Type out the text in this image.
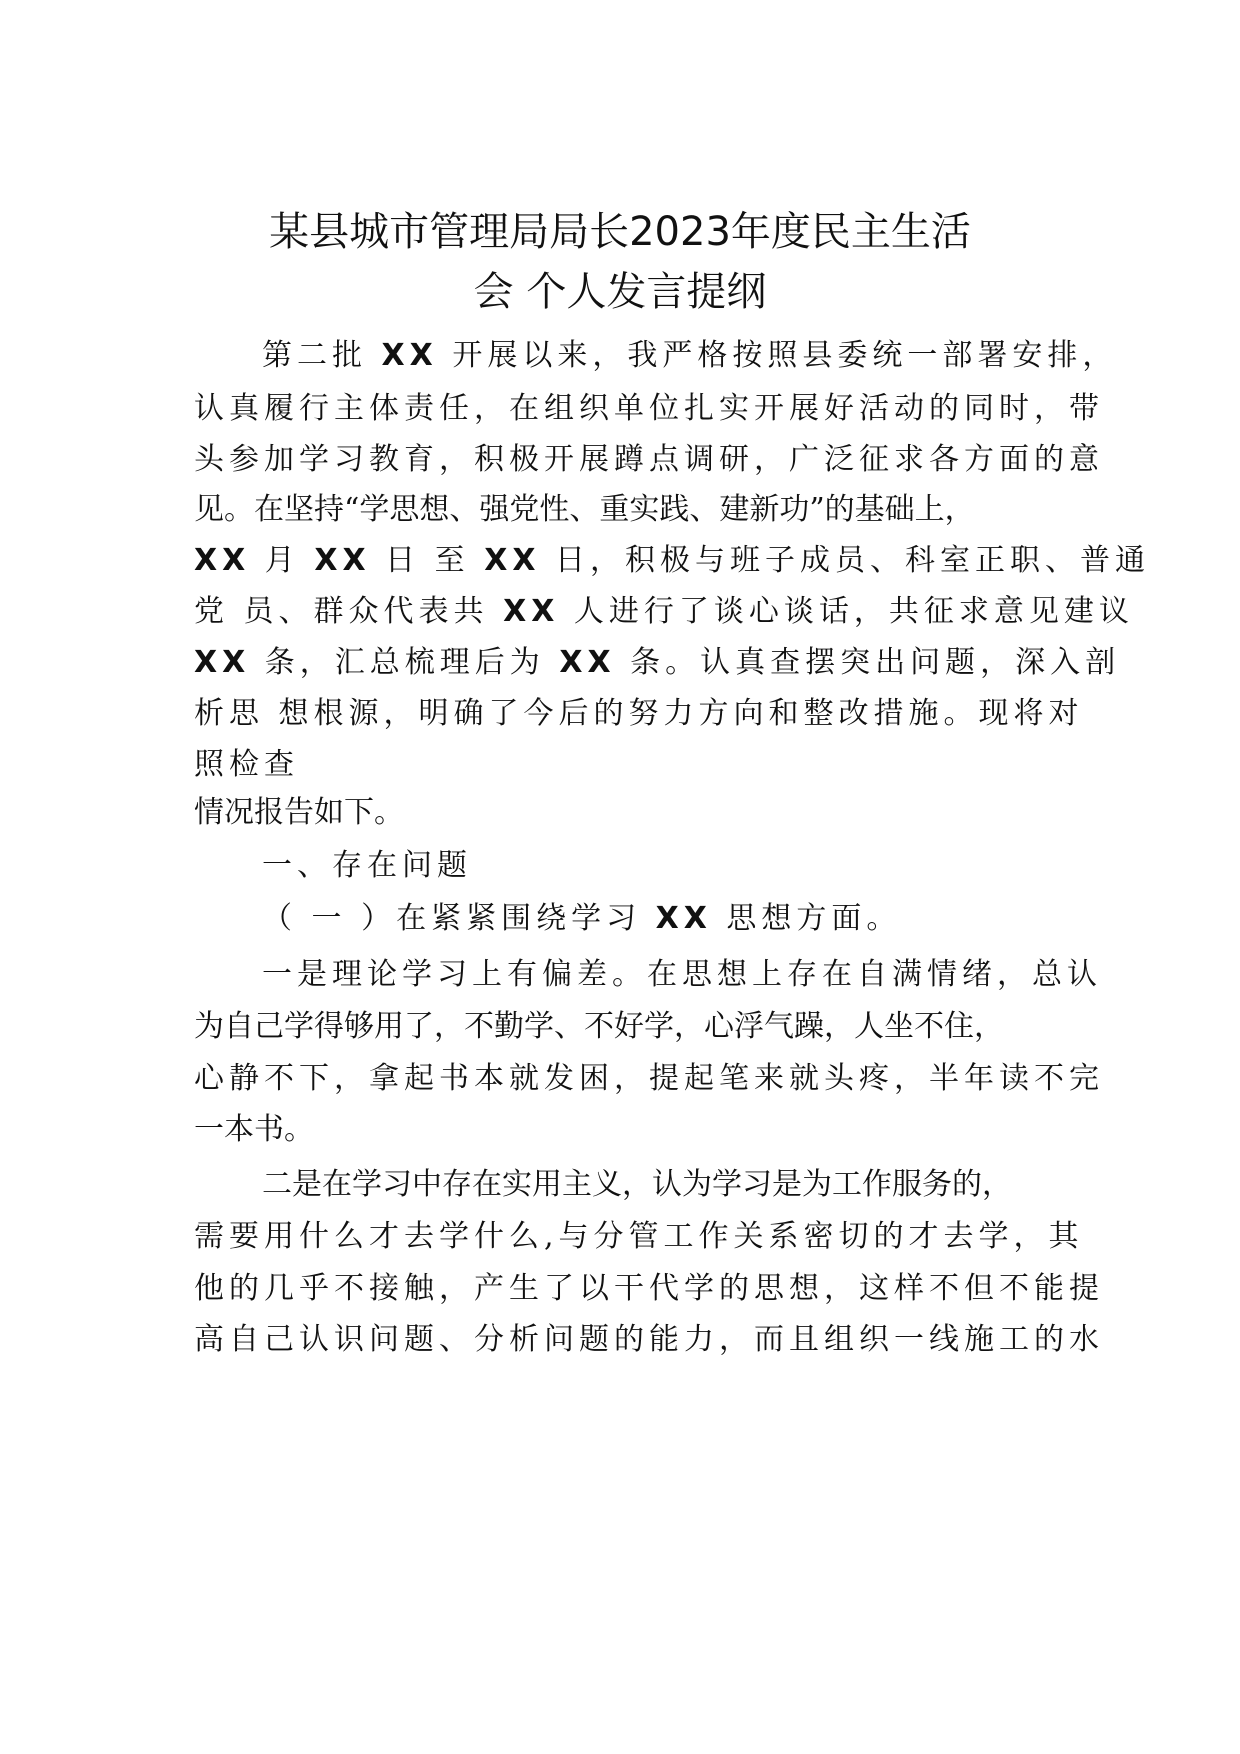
某县城市管理局局长2023年度民主生活
会 个人发言提纲
第二批 XX 开展以来，我严格按照县委统一部署安排，
认真履行主体责任，在组织单位扎实开展好活动的同时，带
头参加学习教育，积极开展蹲点调研，广泛征求各方面的意
见。在坚持“学思想、强党性、重实践、建新功”的基础上，
XX 月 XX 日 至 XX 日，积极与班子成员、科室正职、普通
党 员、群众代表共 XX 人进行了谈心谈话，共征求意见建议
XX 条，汇总梳理后为 XX 条。认真查摆突出问题，深入剖
析思 想根源，明确了今后的努力方向和整改措施。现将对
照检查
情况报告如下。
一、存在问题
（ 一 ）在紧紧围绕学习 XX 思想方面。
一是理论学习上有偏差。在思想上存在自满情绪，总认
为自己学得够用了，不勤学、不好学，心浮气躁，人坐不住，
心静不下，拿起书本就发困，提起笔来就头疼，半年读不完
一本书。
二是在学习中存在实用主义，认为学习是为工作服务的，
需要用什么才去学什么,与分管工作关系密切的才去学，其
他的几乎不接触，产生了以干代学的思想，这样不但不能提
高自己认识问题、分析问题的能力，而且组织一线施工的水
